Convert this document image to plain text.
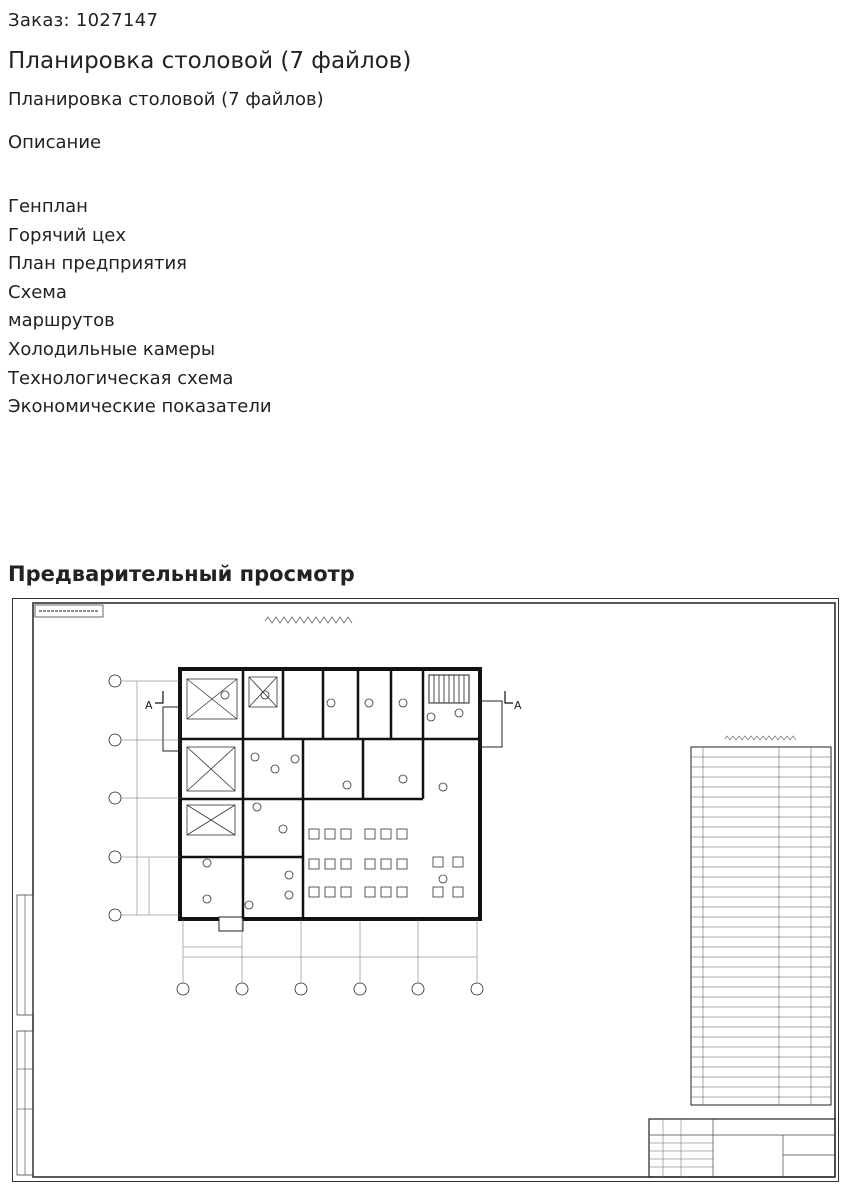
Заказ: 1027147
Планировка столовой (7 файлов)
Планировка столовой (7 файлов)
Описание
Генплан
Горячий цех
План предприятия
Схема
маршрутов
Холодильные камеры
Технологическая схема
Экономические показатели
Предварительный просмотр
А	А
